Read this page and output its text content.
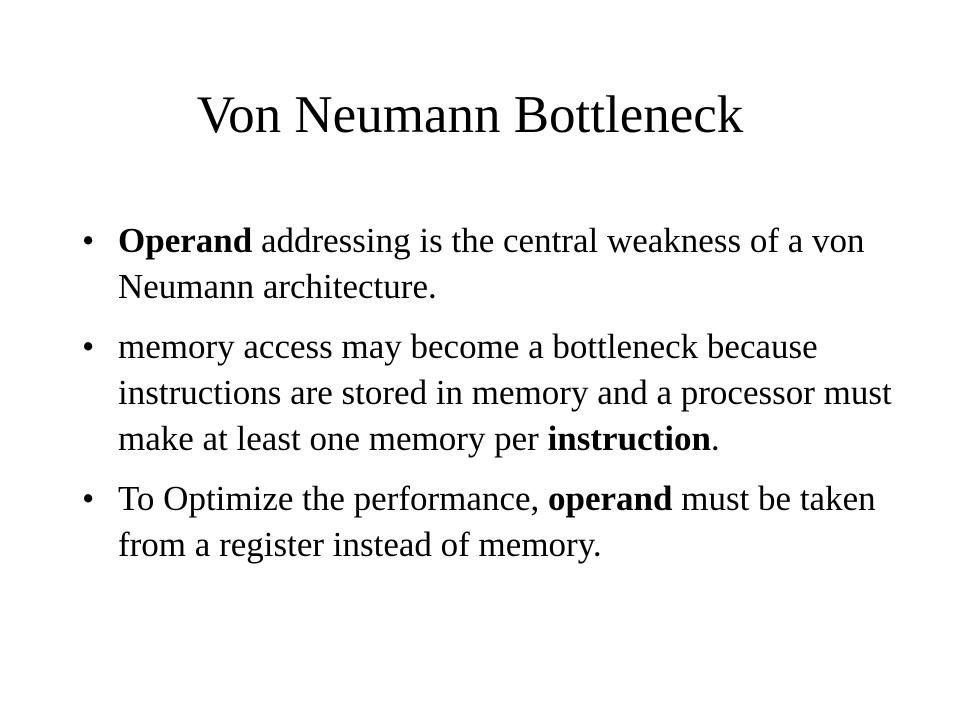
Von Neumann Bottleneck
• Operand addressing is the central weakness of a von Neumann architecture.
• memory access may become a bottleneck because instructions are stored in memory and a processor must make at least one memory per instruction.
• To Optimize the performance, operand must be taken from a register instead of memory.
